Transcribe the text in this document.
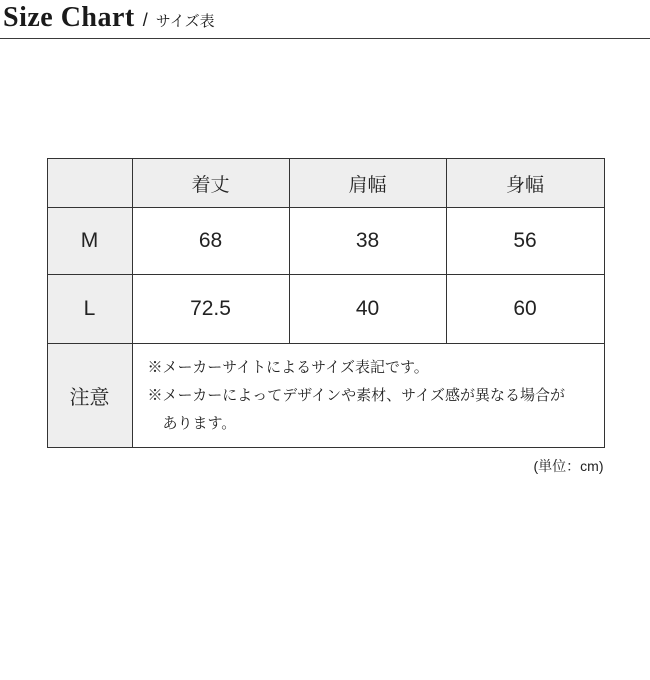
Size Chart / サイズ表
	着丈	肩幅	身幅
M	68	38	56
L	72.5	40	60
注意	※メーカーサイトによるサイズ表記です。
※メーカーによってデザインや素材、サイズ感が異なる場合が
あります。		
(単位：cm)
